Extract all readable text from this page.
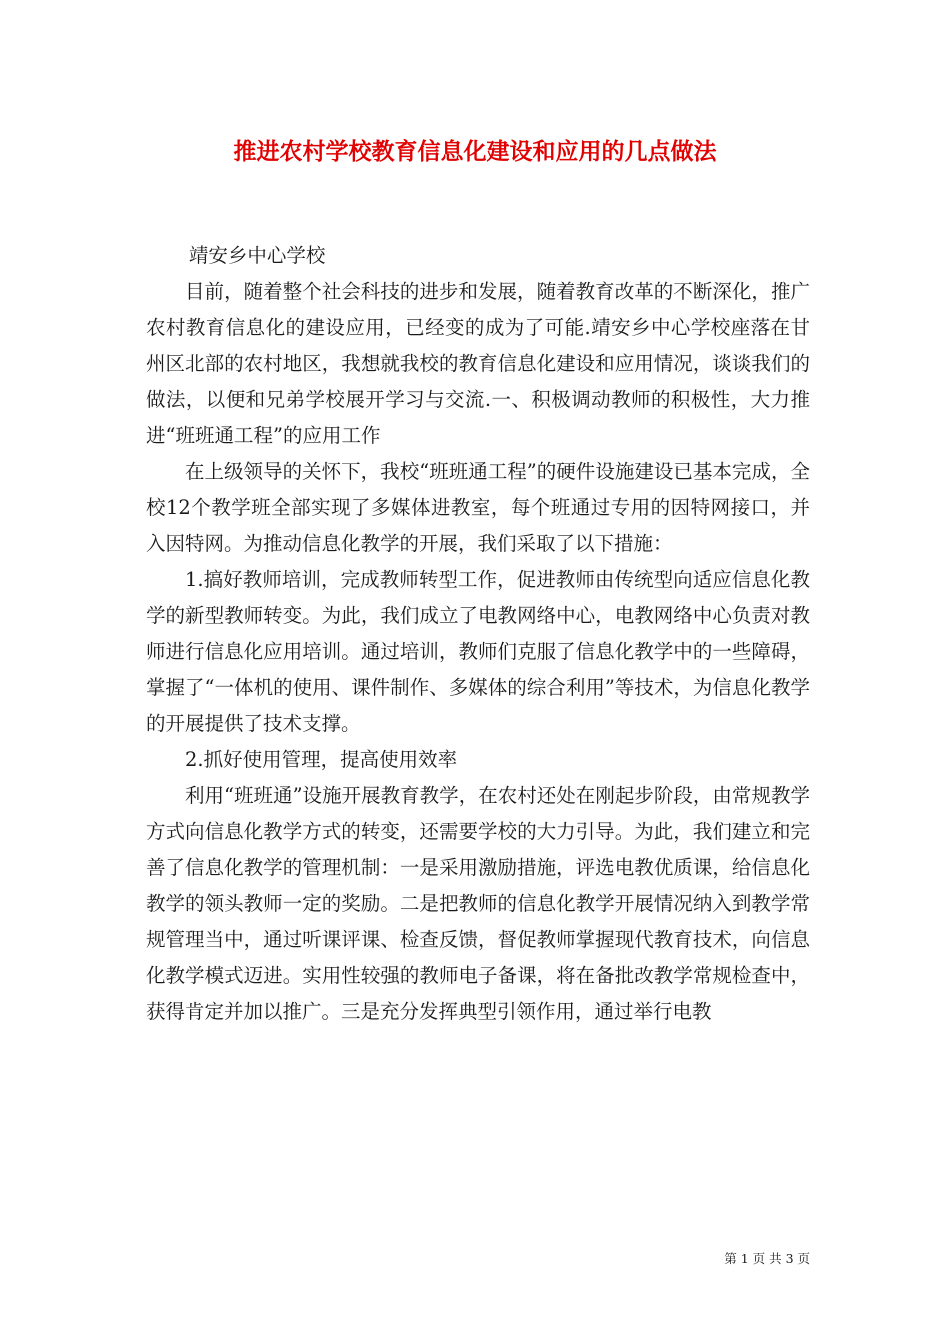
推进农村学校教育信息化建设和应用的几点做法

靖安乡中心学校

目前，随着整个社会科技的进步和发展，随着教育改革的不断深化，推广农村教育信息化的建设应用，已经变的成为了可能.靖安乡中心学校座落在甘州区北部的农村地区，我想就我校的教育信息化建设和应用情况，谈谈我们的做法，以便和兄弟学校展开学习与交流.一、积极调动教师的积极性，大力推进“班班通工程”的应用工作

在上级领导的关怀下，我校“班班通工程”的硬件设施建设已基本完成，全校12个教学班全部实现了多媒体进教室，每个班通过专用的因特网接口，并入因特网。为推动信息化教学的开展，我们采取了以下措施：

1.搞好教师培训，完成教师转型工作，促进教师由传统型向适应信息化教学的新型教师转变。为此，我们成立了电教网络中心，电教网络中心负责对教师进行信息化应用培训。通过培训，教师们克服了信息化教学中的一些障碍，掌握了“一体机的使用、课件制作、多媒体的综合利用”等技术，为信息化教学的开展提供了技术支撑。

2.抓好使用管理，提高使用效率

利用“班班通”设施开展教育教学，在农村还处在刚起步阶段，由常规教学方式向信息化教学方式的转变，还需要学校的大力引导。为此，我们建立和完善了信息化教学的管理机制：一是采用激励措施，评选电教优质课，给信息化教学的领头教师一定的奖励。二是把教师的信息化教学开展情况纳入到教学常规管理当中，通过听课评课、检查反馈，督促教师掌握现代教育技术，向信息化教学模式迈进。实用性较强的教师电子备课，将在备批改教学常规检查中，获得肯定并加以推广。三是充分发挥典型引领作用，通过举行电教

第 1 页 共 3 页
